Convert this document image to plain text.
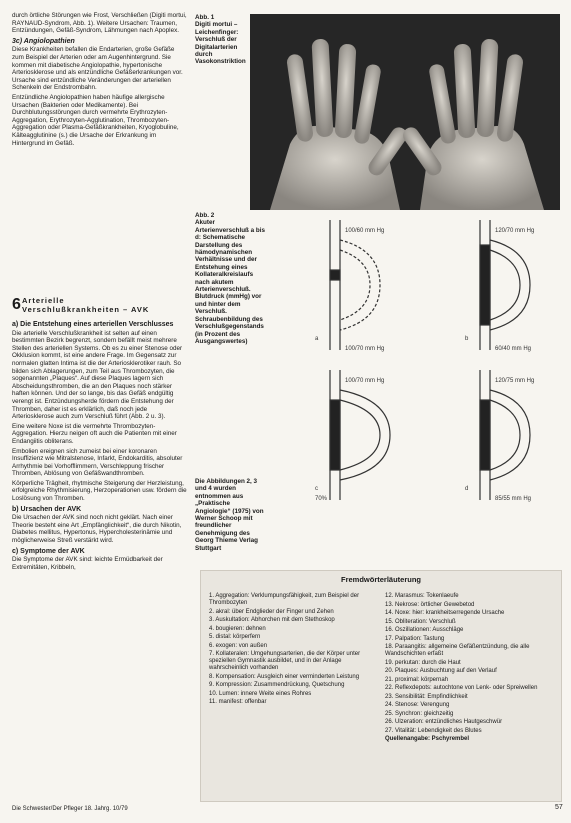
durch örtliche Störungen wie Frost, Verschließen (Digiti mortui, RAYNAUD-Syndrom, Abb. 1). Weitere Ursachen: Traumen, Entzündungen, Gefäß-Syndrom, Lähmungen nach Apoplex.

3c) Angiolopathien

Diese Krankheiten befallen die Endarterien, große Gefäße zum Beispiel der Arterien oder am Augenhintergrund. Sie kommen mit diabetische Angiolopathie, hypertonische Arteriosklerose und als entzündliche Gefäßerkrankungen vor. Ursache sind entzündliche Veränderungen der arteriellen Schenkeln der Endstrombahn.

Entzündliche Angiolopathien haben häufige allergische Ursachen (Bakterien oder Medikamente). Bei Durchblutungsstörungen durch vermehrte Erythrozyten-Aggregation, Erythrozyten-Agglutination, Thrombozyten-Aggregation oder Plasma-Gefäßkrankheiten, Kryoglobuline, Kälteagglutinine (s.) die Ursache der Erkrankung im Hintergrund im Gefäß.

6 Arterielle
Verschlußkrankheiten – AVK
a) Die Entstehung eines arteriellen Verschlusses

Die arterielle Verschlußkrankheit ist selten auf einen bestimmten Bezirk begrenzt, sondern befällt meist mehrere Stellen des arteriellen Systems. Ob es zu einer Stenose oder Okklusion kommt, ist eine andere Frage. Im Gegensatz zur normalen glatten Intima ist die der Arteriosklerotiker rauh. So bilden sich Ablagerungen, zum Teil aus Thrombozyten, die sogenannten „Plaques“. Auf diese Plaques lagern sich Abscheidungsthromben, die an den Plaques noch stärker haften können. Und der so lange, bis das Gefäß endgültig verengt ist. Entzündungsherde fördern die Entstehung der Thromben, daher ist es erklärlich, daß noch jede Arteriosklerose auch zum Verschluß führt (Abb. 2 u. 3).

Eine weitere Noxe ist die vermehrte Thrombozyten-Aggregation. Hierzu neigen oft auch die Patienten mit einer Endangiitis obliterans.

Embolien ereignen sich zumeist bei einer koronaren Insuffizienz wie Mitralstenose, Infarkt, Endokarditis, absoluter Arrhythmie bei Vorhofflimmern, Verschleppung frischer Thromben, Ablösung von Gefäßwandthromben.

Körperliche Trägheit, rhytmische Steigerung der Herzleistung, erfolgreiche Rhythmisierung, Herzoperationen usw. fördern die Loslösung von Thromben.

b) Ursachen der AVK

Die Ursachen der AVK sind noch nicht geklärt. Nach einer Theorie besteht eine Art „Empfänglichkeit“, die durch Nikotin, Diabetes mellitus, Hypertonus, Hypercholesterinämie und möglicherweise Streß verstärkt wird.

c) Symptome der AVK

Die Symptome der AVK sind: leichte Ermüdbarkeit der Extremitäten, Kribbeln,

Abb. 1
Digiti mortui – Leichenfinger: Verschluß der Digitalarterien durch Vasokonstriktion
Abb. 2
Akuter Arterienverschluß a bis d: Schematische Darstellung des hämodynamischen Verhältnisse und der Entstehung eines Kollateralkreislaufs nach akutem Arterienverschluß. Blutdruck (mmHg) vor und hinter dem Verschluß. Schraubenbildung des Verschlußgegenstands (in Prozent des Ausgangswertes)
Die Abbildungen 2, 3 und 4 wurden entnommen aus „Praktische Angiologie“ (1975) von Werner Schoop mit freundlicher Genehmigung des Georg Thieme Verlag Stuttgart
100/60 mm Hg
100/70 mm Hg
a
120/70 mm Hg
60/40 mm Hg
b
100/70 mm Hg
70%
c
120/75 mm Hg
85/55 mm Hg
d
Fremdwörterläuterung
1. Aggregation: Verklumpungsfähigkeit, zum Beispiel der Thrombozyten
2. akral: über Endglieder der Finger und Zehen
3. Auskultation: Abhorchen mit dem Stethoskop
4. bougieren: dehnen
5. distal: körperfern
6. exogen: von außen
7. Kollateralen: Umgehungsarterien, die der Körper unter speziellen Gymnastik ausbildet, und in der Anlage wahrscheinlich vorhanden
8. Kompensation: Ausgleich einer verminderten Leistung
9. Kompression: Zusammendrückung, Quetschung
10. Lumen: innere Weite eines Rohres
11. manifest: offenbar
12. Marasmus: Tokenlaeufe
13. Nekrose: örtlicher Gewebetod
14. Noxe: hier: krankheitserregende Ursache
15. Obliteration: Verschluß
16. Oszillationen: Ausschläge
17. Palpation: Tastung
18. Paraangitis: allgemeine Gefäßentzündung, die alle Wandschichten erfaßt
19. perkutan: durch die Haut
20. Plaques: Ausbuchtung auf den Verlauf
21. proximal: körpernah
22. Reflexdepots: autochtone von Lenk- oder Spreiwellen
23. Sensibilität: Empfindlichkeit
24. Stenose: Verengung
25. Synchron: gleichzeitig
26. Ulzeration: entzündliches Hautgeschwür
27. Vitalität: Lebendigkeit des Blutes
Quellenangabe: Pschyrembel
Die Schwester/Der Pfleger 18. Jahrg. 10/79	57
